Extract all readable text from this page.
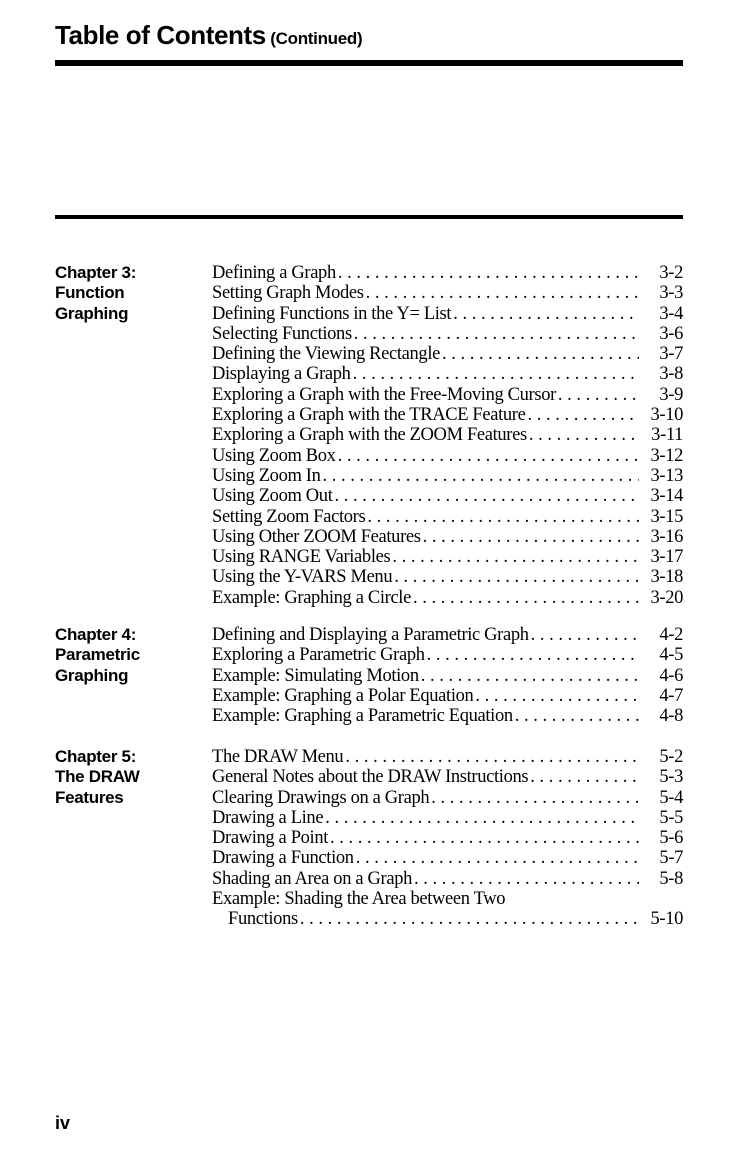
Table of Contents (Continued)
Chapter 3:
Function
Graphing
Defining a Graph . . .	3-2
Setting Graph Modes . . .	3-3
Defining Functions in the Y= List . . .	3-4
Selecting Functions . . .	3-6
Defining the Viewing Rectangle . . .	3-7
Displaying a Graph . . .	3-8
Exploring a Graph with the Free-Moving Cursor . . .	3-9
Exploring a Graph with the TRACE Feature . . .	3-10
Exploring a Graph with the ZOOM Features . . .	3-11
Using Zoom Box . . .	3-12
Using Zoom In . . .	3-13
Using Zoom Out . . .	3-14
Setting Zoom Factors . . .	3-15
Using Other ZOOM Features . . .	3-16
Using RANGE Variables . . .	3-17
Using the Y-VARS Menu . . .	3-18
Example: Graphing a Circle . . .	3-20
Chapter 4:
Parametric
Graphing
Defining and Displaying a Parametric Graph . . .	4-2
Exploring a Parametric Graph . . .	4-5
Example: Simulating Motion . . .	4-6
Example: Graphing a Polar Equation . . .	4-7
Example: Graphing a Parametric Equation . . .	4-8
Chapter 5:
The DRAW
Features
The DRAW Menu . . .	5-2
General Notes about the DRAW Instructions . . .	5-3
Clearing Drawings on a Graph . . .	5-4
Drawing a Line . . .	5-5
Drawing a Point . . .	5-6
Drawing a Function . . .	5-7
Shading an Area on a Graph . . .	5-8
Example: Shading the Area between Two
Functions . . .	5-10
iv
